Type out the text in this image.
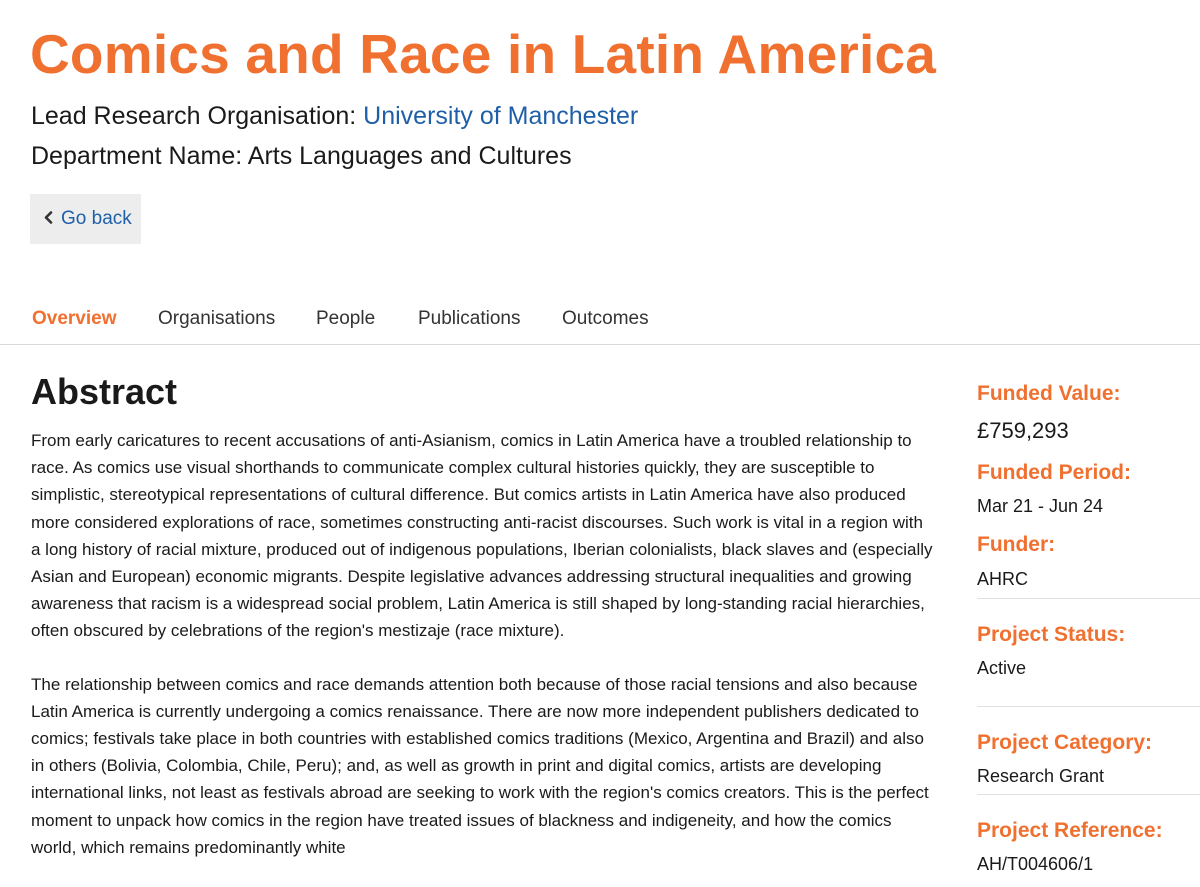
Comics and Race in Latin America
Lead Research Organisation: University of Manchester
Department Name: Arts Languages and Cultures
Go back
Overview Organisations People Publications Outcomes
Abstract

From early caricatures to recent accusations of anti-Asianism, comics in Latin America have a troubled relationship to race. As comics use visual shorthands to communicate complex cultural histories quickly, they are susceptible to simplistic, stereotypical representations of cultural difference. But comics artists in Latin America have also produced more considered explorations of race, sometimes constructing anti-racist discourses. Such work is vital in a region with a long history of racial mixture, produced out of indigenous populations, Iberian colonialists, black slaves and (especially Asian and European) economic migrants. Despite legislative advances addressing structural inequalities and growing awareness that racism is a widespread social problem, Latin America is still shaped by long-standing racial hierarchies, often obscured by celebrations of the region's mestizaje (race mixture).

The relationship between comics and race demands attention both because of those racial tensions and also because Latin America is currently undergoing a comics renaissance. There are now more independent publishers dedicated to comics; festivals take place in both countries with established comics traditions (Mexico, Argentina and Brazil) and also in others (Bolivia, Colombia, Chile, Peru); and, as well as growth in print and digital comics, artists are developing international links, not least as festivals abroad are seeking to work with the region's comics creators. This is the perfect moment to unpack how comics in the region have treated issues of blackness and indigeneity, and how the comics world, which remains predominantly white

Funded Value:
£759,293
Funded Period:
Mar 21 - Jun 24
Funder:
AHRC
Project Status:
Active
Project Category:
Research Grant
Project Reference:
AH/T004606/1
